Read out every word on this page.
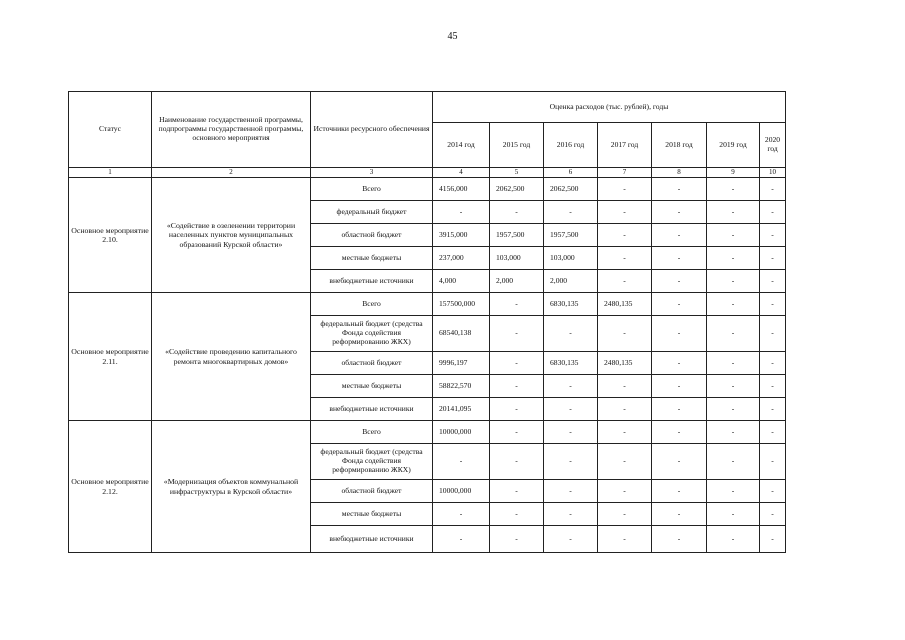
45
Статус	Наименование государственной программы, подпрограммы государственной программы, основного мероприятия	Источники ресурсного обеспечения	Оценка расходов (тыс. рублей), годы						
			2014 год	2015 год	2016 год	2017 год	2018 год	2019 год	2020 год
1	2	3	4	5	6	7	8	9	10
Основное мероприятие 2.10.	«Содействие в озеленении территории населенных пунктов муниципальных образований Курской области»	Всего	4156,000	2062,500	2062,500	-	-	-	-
		федеральный бюджет	-	-	-	-	-	-	-
		областной бюджет	3915,000	1957,500	1957,500	-	-	-	-
		местные бюджеты	237,000	103,000	103,000	-	-	-	-
		внебюджетные источники	4,000	2,000	2,000	-	-	-	-
Основное мероприятие 2.11.	«Содействие проведению капитального ремонта многоквартирных домов»	Всего	157500,000	-	6830,135	2480,135	-	-	-
		федеральный бюджет (средства Фонда содействия реформированию ЖКХ)	68540,138	-	-	-	-	-	-
		областной бюджет	9996,197	-	6830,135	2480,135	-	-	-
		местные бюджеты	58822,570	-	-	-	-	-	-
		внебюджетные источники	20141,095	-	-	-	-	-	-
Основное мероприятие 2.12.	«Модернизация объектов коммунальной инфраструктуры в Курской области»	Всего	10000,000	-	-	-	-	-	-
		федеральный бюджет (средства Фонда содействия реформированию ЖКХ)	-	-	-	-	-	-	-
		областной бюджет	10000,000	-	-	-	-	-	-
		местные бюджеты	-	-	-	-	-	-	-
		внебюджетные источники	-	-	-	-	-	-	-
